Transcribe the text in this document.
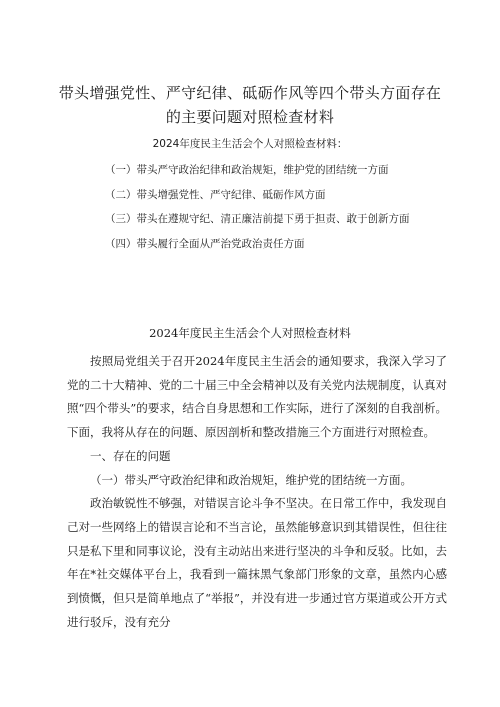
带头增强党性、严守纪律、砥砺作风等四个带头方面存在
的主要问题对照检查材料
2024年度民主生活会个人对照检查材料：
（一）带头严守政治纪律和政治规矩，维护党的团结统一方面
（二）带头增强党性、严守纪律、砥砺作风方面
（三）带头在遵规守纪、清正廉洁前提下勇于担责、敢于创新方面
（四）带头履行全面从严治党政治责任方面
2024年度民主生活会个人对照检查材料

按照局党组关于召开2024年度民主生活会的通知要求，我深入学习了党的二十大精神、党的二十届三中全会精神以及有关党内法规制度，认真对照“四个带头”的要求，结合自身思想和工作实际，进行了深刻的自我剖析。下面，我将从存在的问题、原因剖析和整改措施三个方面进行对照检查。

一、存在的问题

（一）带头严守政治纪律和政治规矩，维护党的团结统一方面。

政治敏锐性不够强，对错误言论斗争不坚决。在日常工作中，我发现自己对一些网络上的错误言论和不当言论，虽然能够意识到其错误性，但往往只是私下里和同事议论，没有主动站出来进行坚决的斗争和反驳。比如，去年在*社交媒体平台上，我看到一篇抹黑气象部门形象的文章，虽然内心感到愤慨，但只是简单地点了“举报”，并没有进一步通过官方渠道或公开方式进行驳斥，没有充分
